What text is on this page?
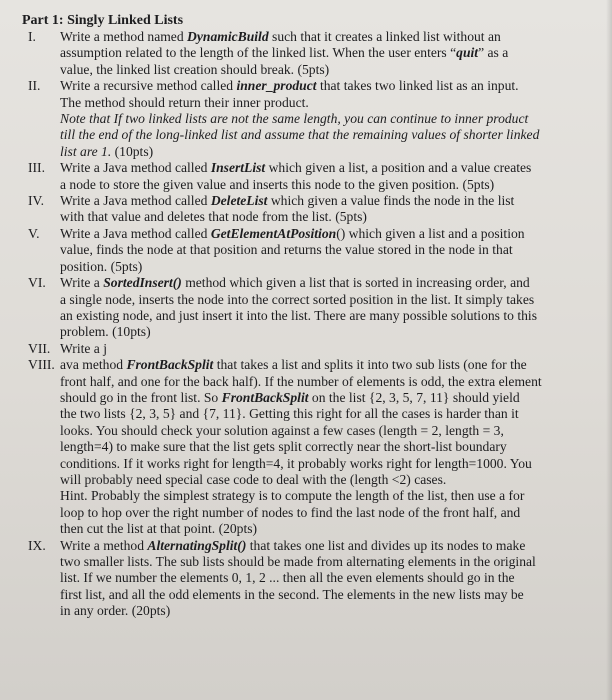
Part 1: Singly Linked Lists
I.	Write a method named DynamicBuild such that it creates a linked list without an
assumption related to the length of the linked list. When the user enters “quit” as a
value, the linked list creation should break. (5pts)
II.	Write a recursive method called inner_product that takes two linked list as an input.
The method should return their inner product.
Note that If two linked lists are not the same length, you can continue to inner product
till the end of the long-linked list and assume that the remaining values of shorter linked
list are 1. (10pts)
III.	Write a Java method called InsertList which given a list, a position and a value creates
a node to store the given value and inserts this node to the given position. (5pts)
IV.	Write a Java method called DeleteList which given a value finds the node in the list
with that value and deletes that node from the list. (5pts)
V.	Write a Java method called GetElementAtPosition() which given a list and a position
value, finds the node at that position and returns the value stored in the node in that
position. (5pts)
VI.	Write a SortedInsert() method which given a list that is sorted in increasing order, and
a single node, inserts the node into the correct sorted position in the list. It simply takes
an existing node, and just insert it into the list. There are many possible solutions to this
problem. (10pts)
VII. Write a j
VIII. ava method FrontBackSplit that takes a list and splits it into two sub lists (one for the
front half, and one for the back half). If the number of elements is odd, the extra element
should go in the front list. So FrontBackSplit on the list {2, 3, 5, 7, 11} should yield
the two lists {2, 3, 5} and {7, 11}. Getting this right for all the cases is harder than it
looks. You should check your solution against a few cases (length = 2, length = 3,
length=4) to make sure that the list gets split correctly near the short-list boundary
conditions. If it works right for length=4, it probably works right for length=1000. You
will probably need special case code to deal with the (length <2) cases.
Hint. Probably the simplest strategy is to compute the length of the list, then use a for
loop to hop over the right number of nodes to find the last node of the front half, and
then cut the list at that point. (20pts)
IX.	Write a method AlternatingSplit() that takes one list and divides up its nodes to make
two smaller lists. The sub lists should be made from alternating elements in the original
list. If we number the elements 0, 1, 2 ... then all the even elements should go in the
first list, and all the odd elements in the second. The elements in the new lists may be
in any order. (20pts)
